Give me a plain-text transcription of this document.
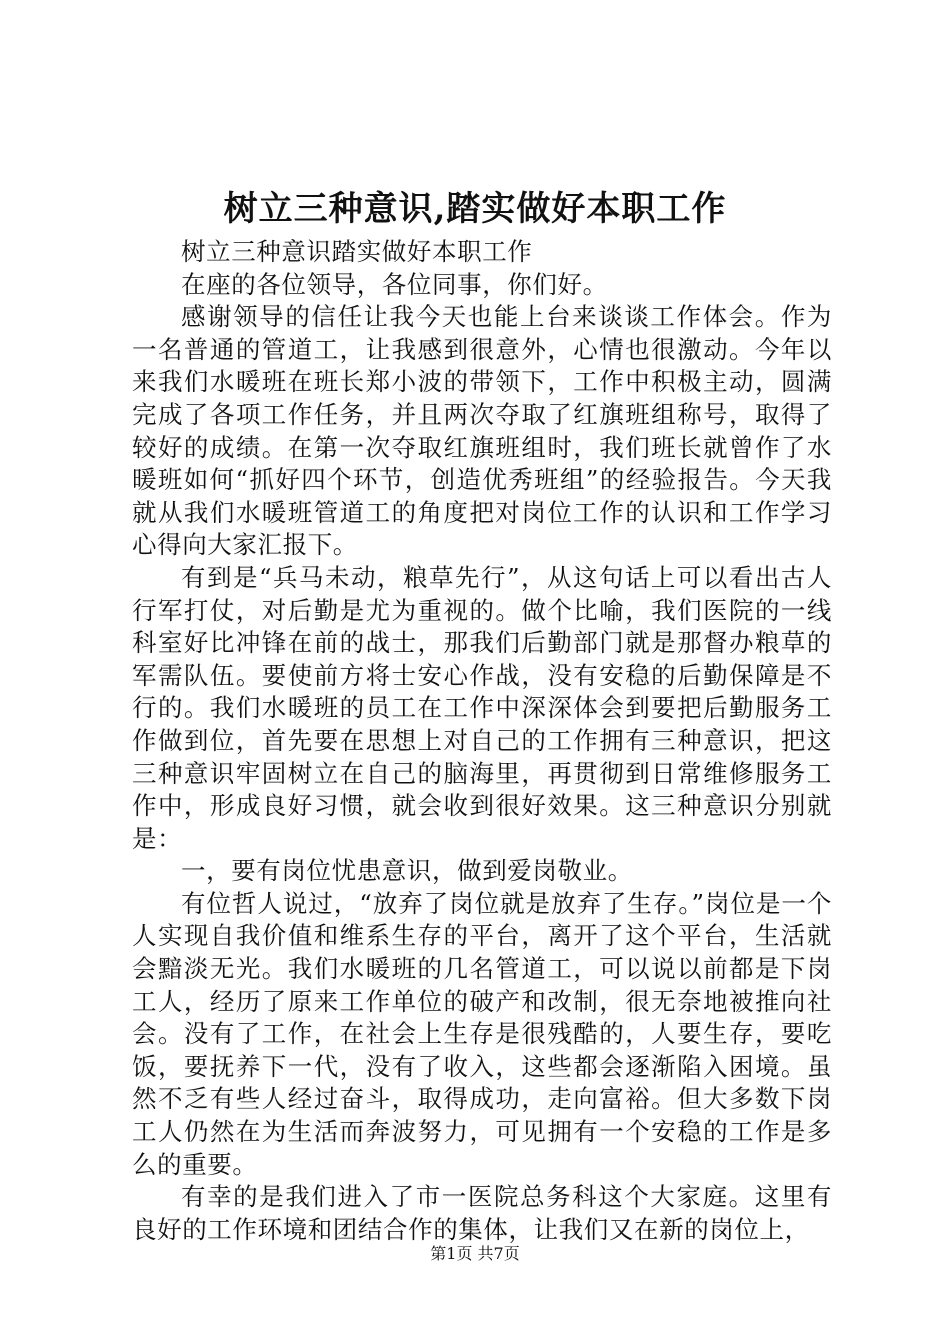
树立三种意识,踏实做好本职工作

树立三种意识踏实做好本职工作

在座的各位领导，各位同事，你们好。

感谢领导的信任让我今天也能上台来谈谈工作体会。作为一名普通的管道工，让我感到很意外，心情也很激动。今年以来我们水暖班在班长郑小波的带领下，工作中积极主动，圆满完成了各项工作任务，并且两次夺取了红旗班组称号，取得了较好的成绩。在第一次夺取红旗班组时，我们班长就曾作了水暖班如何“抓好四个环节，创造优秀班组”的经验报告。今天我就从我们水暖班管道工的角度把对岗位工作的认识和工作学习心得向大家汇报下。

有到是“兵马未动，粮草先行”，从这句话上可以看出古人行军打仗，对后勤是尤为重视的。做个比喻，我们医院的一线科室好比冲锋在前的战士，那我们后勤部门就是那督办粮草的军需队伍。要使前方将士安心作战，没有安稳的后勤保障是不行的。我们水暖班的员工在工作中深深体会到要把后勤服务工作做到位，首先要在思想上对自己的工作拥有三种意识，把这三种意识牢固树立在自己的脑海里，再贯彻到日常维修服务工作中，形成良好习惯，就会收到很好效果。这三种意识分别就是：

一，要有岗位忧患意识，做到爱岗敬业。

有位哲人说过，“放弃了岗位就是放弃了生存。”岗位是一个人实现自我价值和维系生存的平台，离开了这个平台，生活就会黯淡无光。我们水暖班的几名管道工，可以说以前都是下岗工人，经历了原来工作单位的破产和改制，很无奈地被推向社会。没有了工作，在社会上生存是很残酷的，人要生存，要吃饭，要抚养下一代，没有了收入，这些都会逐渐陷入困境。虽然不乏有些人经过奋斗，取得成功，走向富裕。但大多数下岗工人仍然在为生活而奔波努力，可见拥有一个安稳的工作是多么的重要。

有幸的是我们进入了市一医院总务科这个大家庭。这里有良好的工作环境和团结合作的集体，让我们又在新的岗位上，

第1页 共7页
